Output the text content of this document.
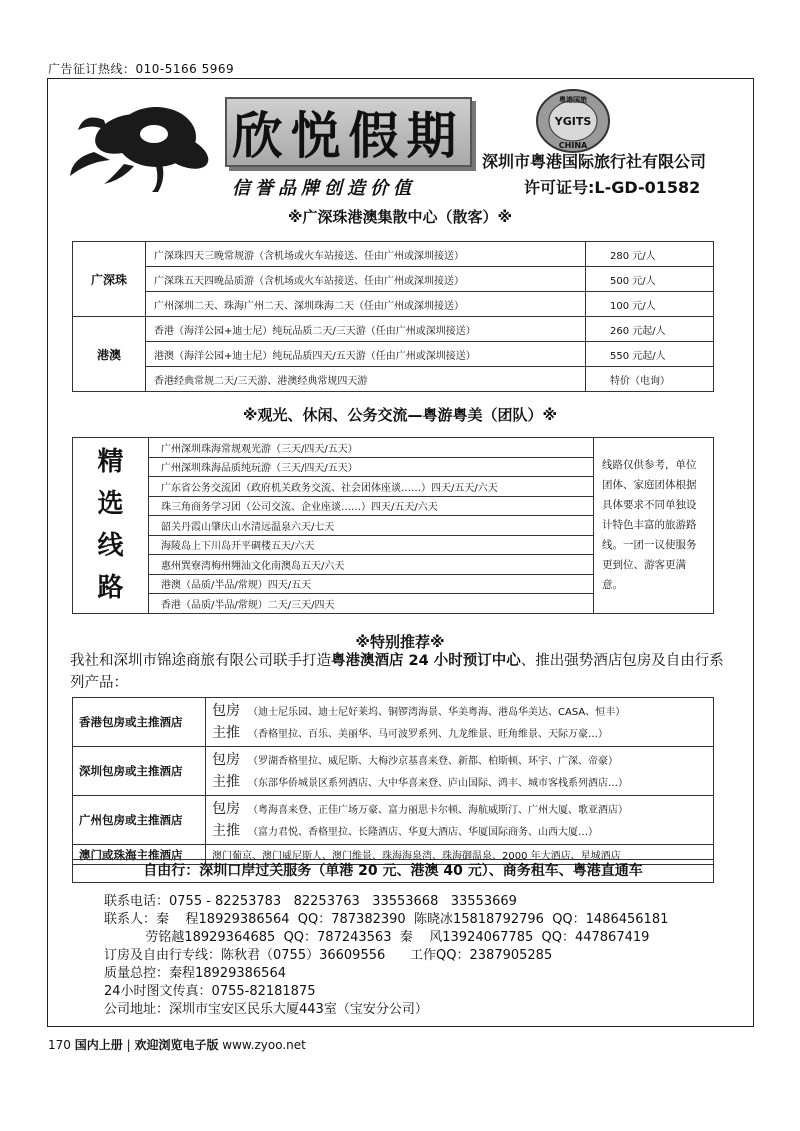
广告征订热线：010-5166 5969
欣悦假期
信誉品牌创造价值
粤港国旅
YGITS
CHINA
深圳市粤港国际旅行社有限公司
许可证号:L-GD-01582
※广深珠港澳集散中心（散客）※
广深珠	广深珠四天三晚常规游（含机场或火车站接送、任由广州或深圳接送）	280 元/人
	广深珠五天四晚品质游（含机场或火车站接送、任由广州或深圳接送）	500 元/人
	广州深圳二天、珠海广州二天、深圳珠海二天（任由广州或深圳接送）	100 元/人
港澳	香港（海洋公园+迪士尼）纯玩品质二天/三天游（任由广州或深圳接送）	260 元起/人
	港澳（海洋公园+迪士尼）纯玩品质四天/五天游（任由广州或深圳接送）	550 元起/人
	香港经典常规二天/三天游、港澳经典常规四天游	特价（电询）
※观光、休闲、公务交流—粤游粤美（团队）※
精
选
线
路
	广州深圳珠海常规观光游（三天/四天/五天）	线路仅供参考，单位团体、家庭团体根据具体要求不同单独设计特色丰富的旅游路线。一团一议使服务更到位、游客更满意。
广州深圳珠海品质纯玩游（三天/四天/五天）
广东省公务交流团（政府机关政务交流、社会团体座谈……）四天/五天/六天
珠三角商务学习团（公司交流、企业座谈……）四天/五天/六天
韶关丹霞山肇庆山水清远温泉六天/七天
海陵岛上下川岛开平碉楼五天/六天
惠州巽寮湾梅州翙汕文化南澳岛五天/六天
港澳（品质/半品/常规）四天/五天
香港（品质/半品/常规）二天/三天/四天
※特别推荐※
我社和深圳市锦途商旅有限公司联手打造粤港澳酒店 24 小时预订中心、推出强势酒店包房及自由行系列产品：
香港包房或主推酒店	包房 （迪士尼乐园、迪士尼好莱坞、铜锣湾海景、华美粤海、港岛华美达、CASA、恒丰）
主推 （香格里拉、百乐、美丽华、马可波罗系列、九龙维景、旺角维景、天际万豪…）

深圳包房或主推酒店	包房 （罗湖香格里拉、威尼斯、大梅沙京基喜来登、新都、柏斯顿、环宇、广深、帝豪）
主推 （东部华侨城景区系列酒店、大中华喜来登、庐山国际、鸿丰、城市客栈系列酒店…）

广州包房或主推酒店	包房 （粤海喜来登、正佳广场万豪、富力丽思卡尔顿、海航威斯汀、广州大厦、歌亚酒店）
主推 （富力君悦、香格里拉、长隆酒店、华夏大酒店、华厦国际商务、山西大厦…）

澳门或珠海主推酒店	澳门葡京、澳门威尼斯人、澳门维景、珠海海泉湾、珠海御温泉、2000 年大酒店、星城酒店
自由行：深圳口岸过关服务（单港 20 元、港澳 40 元）、商务租车、粤港直通车
联系电话：0755 - 82253783   82253763   33553668   33553669
联系人：秦    程18929386564  QQ：787382390  陈晓冰15818792796  QQ：1486456181
劳铭越18929364685  QQ：787243563  秦    风13924067785  QQ：447867419
订房及自由行专线：陈秋君（0755）36609556      工作QQ：2387905285
质量总控：秦程18929386564
24小时图文传真：0755-82181875
公司地址：深圳市宝安区民乐大厦443室（宝安分公司）
170 国内上册 | 欢迎浏览电子版 www.zyoo.net
